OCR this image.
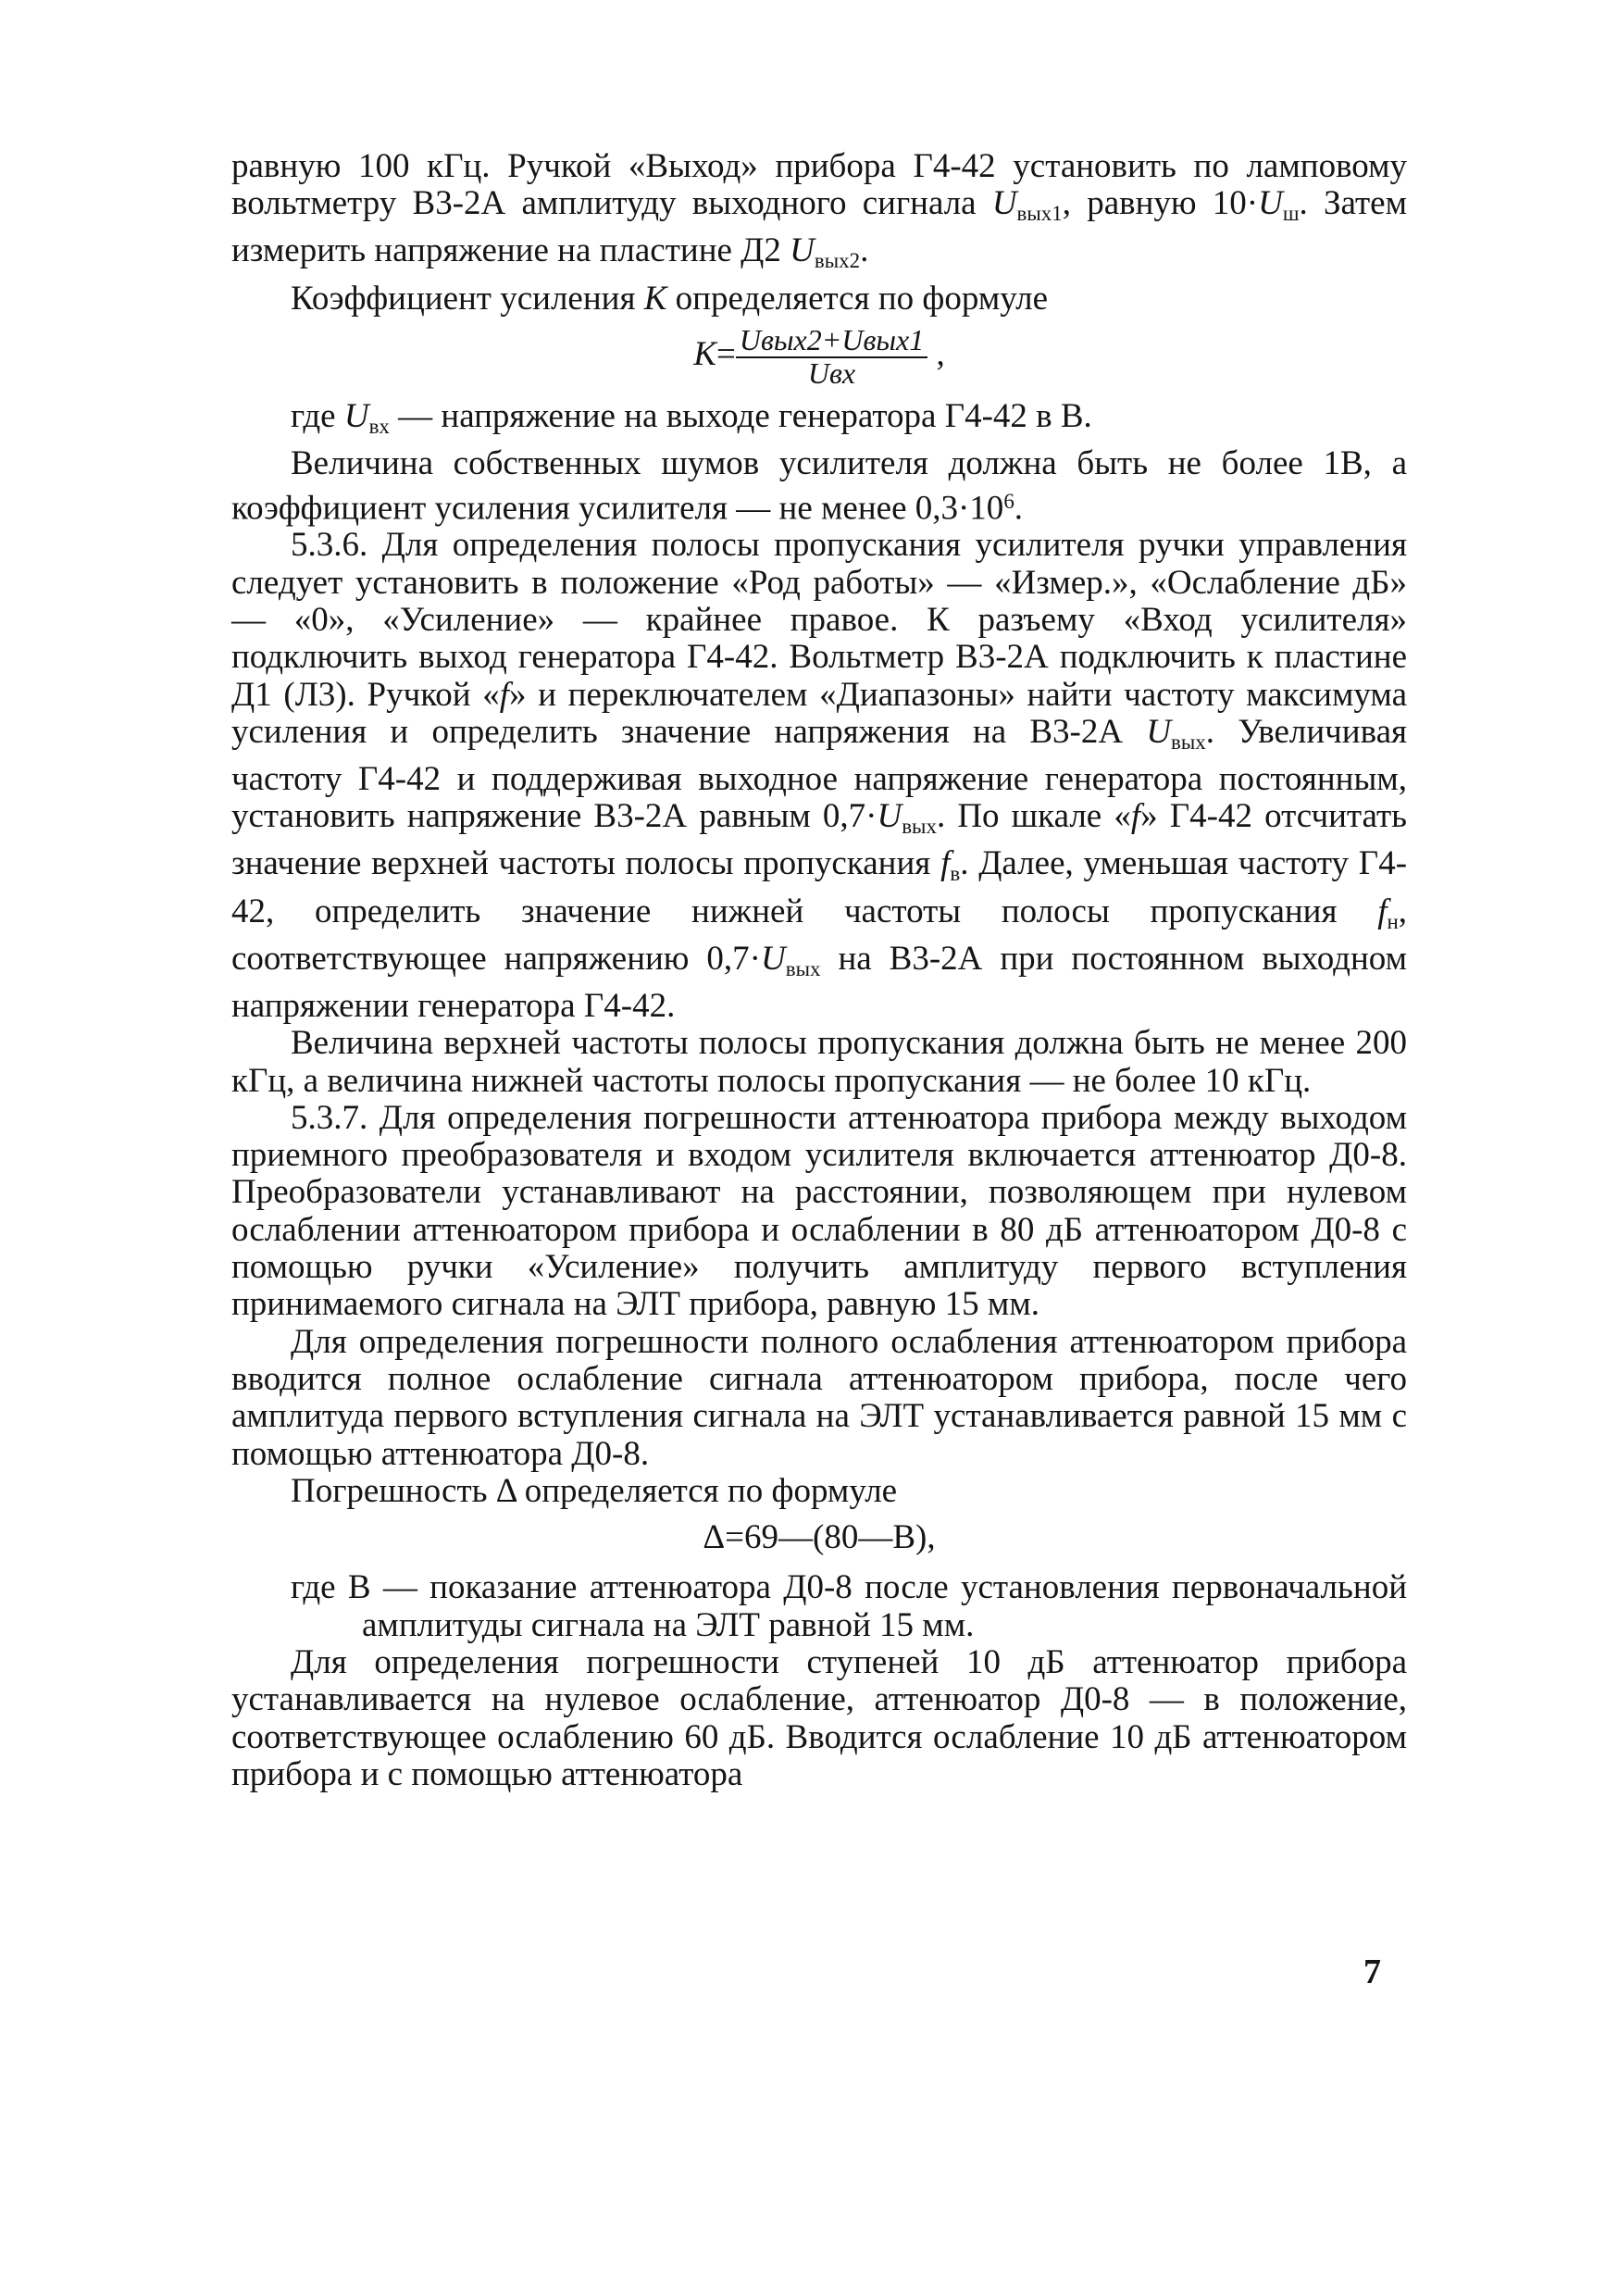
равную 100 кГц. Ручкой «Выход» прибора Г4-42 установить по ламповому вольтметру В3-2А амплитуду выходного сигнала $U_{вых1}$, равную $10\cdot U_ш$. Затем измерить напряжение на пластине Д2 $U_{вых2}$.

Коэффициент усиления K определяется по формуле

$K= \frac{\text{Uвых2+Uвых1}}{\text{Uвх}}$ ,

где $U_{вх}$ — напряжение на выходе генератора Г4-42 в В.

Величина собственных шумов усилителя должна быть не более 1В, а коэффициент усиления усилителя — не менее $0,3\cdot 10^6$.

5.3.6. Для определения полосы пропускания усилителя ручки управления следует установить в положение «Род работы» — «Измер.», «Ослабление дБ» — «0», «Усиление» — крайнее правое. К разъему «Вход усилителя» подключить выход генератора Г4-42. Вольтметр В3-2А подключить к пластине Д1 (Л3). Ручкой «f» и переключателем «Диапазоны» найти частоту максимума усиления и определить значение напряжения на В3-2А $U_{вых}$. Увеличивая частоту Г4-42 и поддерживая выходное напряжение генератора постоянным, установить напряжение В3-2А равным $0,7\cdot U_{вых}$. По шкале «f» Г4-42 отсчитать значение верхней частоты полосы пропускания $f_в$. Далее, уменьшая частоту Г4-42, определить значение нижней частоты полосы пропускания $f_н$, соответствующее напряжению $0,7\cdot U_{вых}$ на В3-2А при постоянном выходном напряжении генератора Г4-42.

Величина верхней частоты полосы пропускания должна быть не менее 200 кГц, а величина нижней частоты полосы пропускания — не более 10 кГц.

5.3.7. Для определения погрешности аттенюатора прибора между выходом приемного преобразователя и входом усилителя включается аттенюатор Д0-8. Преобразователи устанавливают на расстоянии, позволяющем при нулевом ослаблении аттенюатором прибора и ослаблении в 80 дБ аттенюатором Д0-8 с помощью ручки «Усиление» получить амплитуду первого вступления принимаемого сигнала на ЭЛТ прибора, равную 15 мм.

Для определения погрешности полного ослабления аттенюатором прибора вводится полное ослабление сигнала аттенюатором прибора, после чего амплитуда первого вступления сигнала на ЭЛТ устанавливается равной 15 мм с помощью аттенюатора Д0-8.

Погрешность Δ определяется по формуле

Δ=69—(80—В),

где В — показание аттенюатора Д0-8 после установления первоначальной амплитуды сигнала на ЭЛТ равной 15 мм.

Для определения погрешности ступеней 10 дБ аттенюатор прибора устанавливается на нулевое ослабление, аттенюатор Д0-8 — в положение, соответствующее ослаблению 60 дБ. Вводится ослабление 10 дБ аттенюатором прибора и с помощью аттенюатора

7
